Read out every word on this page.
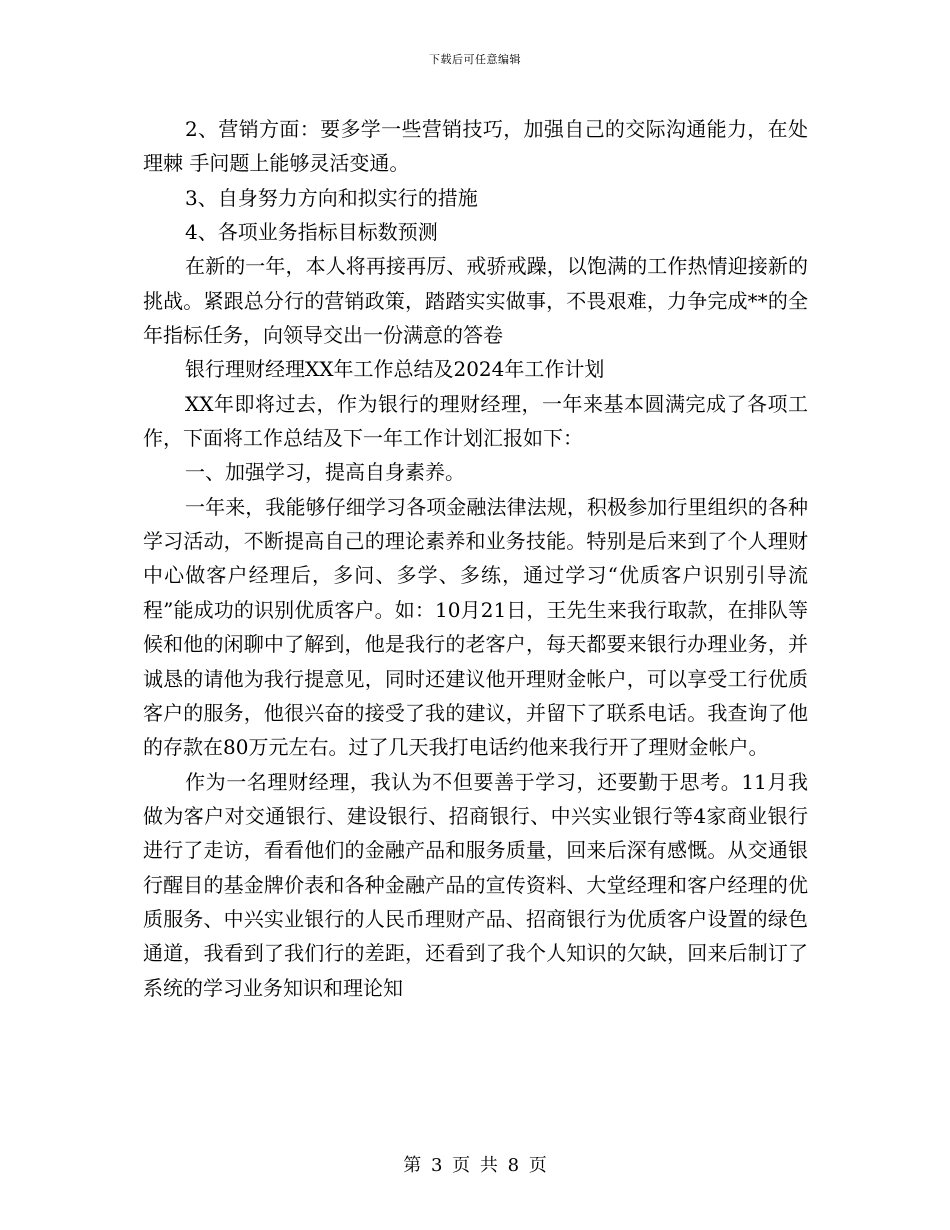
下载后可任意编辑

2、营销方面：要多学一些营销技巧，加强自己的交际沟通能力，在处理棘 手问题上能够灵活变通。

3、自身努力方向和拟实行的措施

4、各项业务指标目标数预测

在新的一年，本人将再接再厉、戒骄戒躁，以饱满的工作热情迎接新的挑战。紧跟总分行的营销政策，踏踏实实做事，不畏艰难，力争完成**的全年指标任务，向领导交出一份满意的答卷

银行理财经理XX年工作总结及2024年工作计划

XX年即将过去，作为银行的理财经理，一年来基本圆满完成了各项工作，下面将工作总结及下一年工作计划汇报如下：

一、加强学习，提高自身素养。

一年来，我能够仔细学习各项金融法律法规，积极参加行里组织的各种学习活动，不断提高自己的理论素养和业务技能。特别是后来到了个人理财中心做客户经理后，多问、多学、多练，通过学习“优质客户识别引导流程”能成功的识别优质客户。如：10月21日，王先生来我行取款，在排队等候和他的闲聊中了解到，他是我行的老客户，每天都要来银行办理业务，并诚恳的请他为我行提意见，同时还建议他开理财金帐户，可以享受工行优质客户的服务，他很兴奋的接受了我的建议，并留下了联系电话。我查询了他的存款在80万元左右。过了几天我打电话约他来我行开了理财金帐户。

作为一名理财经理，我认为不但要善于学习，还要勤于思考。11月我做为客户对交通银行、建设银行、招商银行、中兴实业银行等4家商业银行进行了走访，看看他们的金融产品和服务质量，回来后深有感慨。从交通银行醒目的基金牌价表和各种金融产品的宣传资料、大堂经理和客户经理的优质服务、中兴实业银行的人民币理财产品、招商银行为优质客户设置的绿色通道，我看到了我们行的差距，还看到了我个人知识的欠缺，回来后制订了系统的学习业务知识和理论知

第 3 页 共 8 页
